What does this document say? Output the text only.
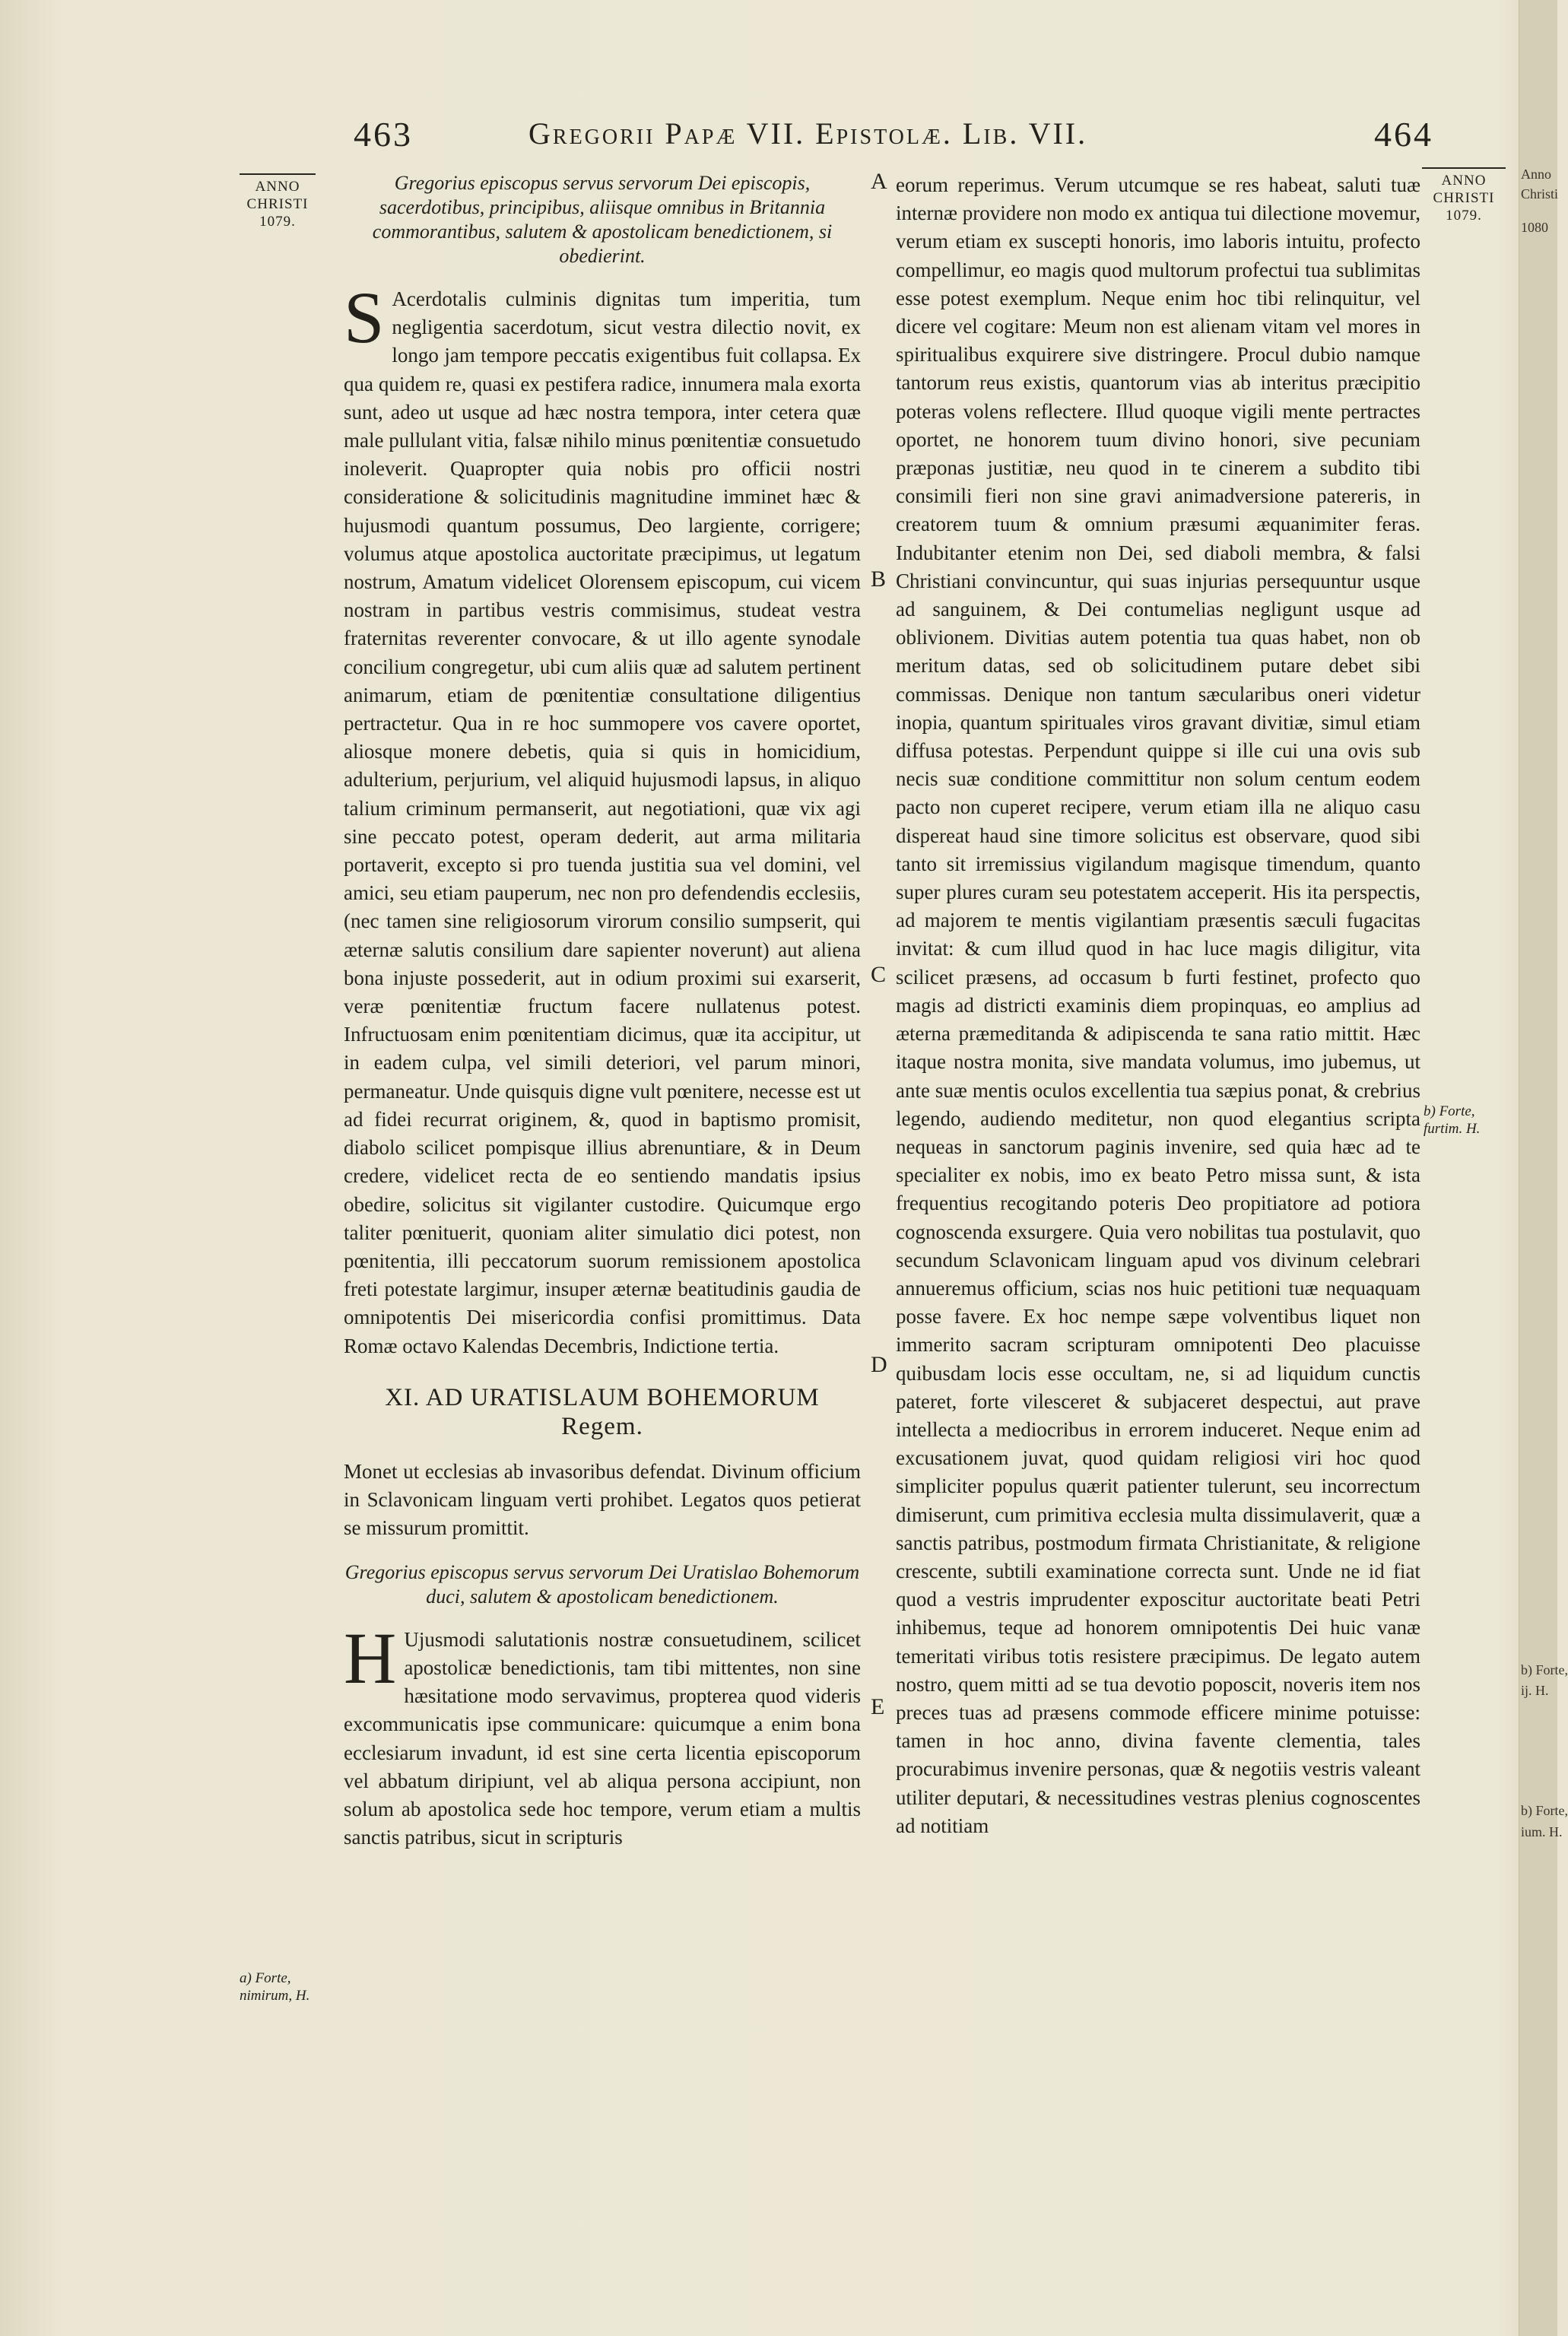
463	Gregorii Papæ VII. Epistolæ. Lib. VII.	464
ANNO
CHRISTI
1079.
ANNO
CHRISTI
1079.
Gregorius episcopus servus servorum Dei episcopis, sacerdotibus, principibus, aliisque omnibus in Britannia commorantibus, salutem & apostolicam benedictionem, si obedierint.

S Acerdotalis culminis dignitas tum imperitia, tum negligentia sacerdotum, sicut vestra dilectio novit, ex longo jam tempore peccatis exigentibus fuit collapsa. Ex qua quidem re, quasi ex pestifera radice, innumera mala exorta sunt, adeo ut usque ad hæc nostra tempora, inter cetera quæ male pullulant vitia, falsæ nihilo minus pœnitentiæ consuetudo inoleverit. Quapropter quia nobis pro officii nostri consideratione & solicitudinis magnitudine imminet hæc & hujusmodi quantum possumus, Deo largiente, corrigere; volumus atque apostolica auctoritate præcipimus, ut legatum nostrum, Amatum videlicet Olorensem episcopum, cui vicem nostram in partibus vestris commisimus, studeat vestra fraternitas reverenter convocare, & ut illo agente synodale concilium congregetur, ubi cum aliis quæ ad salutem pertinent animarum, etiam de pœnitentiæ consultatione diligentius pertractetur. Qua in re hoc summopere vos cavere oportet, aliosque monere debetis, quia si quis in homicidium, adulterium, perjurium, vel aliquid hujusmodi lapsus, in aliquo talium criminum permanserit, aut negotiationi, quæ vix agi sine peccato potest, operam dederit, aut arma militaria portaverit, excepto si pro tuenda justitia sua vel domini, vel amici, seu etiam pauperum, nec non pro defendendis ecclesiis, (nec tamen sine religiosorum virorum consilio sumpserit, qui æternæ salutis consilium dare sapienter noverunt) aut aliena bona injuste possederit, aut in odium proximi sui exarserit, veræ pœnitentiæ fructum facere nullatenus potest. Infructuosam enim pœnitentiam dicimus, quæ ita accipitur, ut in eadem culpa, vel simili deteriori, vel parum minori, permaneatur. Unde quisquis digne vult pœnitere, necesse est ut ad fidei recurrat originem, &, quod in baptismo promisit, diabolo scilicet pompisque illius abrenuntiare, & in Deum credere, videlicet recta de eo sentiendo mandatis ipsius obedire, solicitus sit vigilanter custodire. Quicumque ergo taliter pœnituerit, quoniam aliter simulatio dici potest, non pœnitentia, illi peccatorum suorum remissionem apostolica freti potestate largimur, insuper æternæ beatitudinis gaudia de omnipotentis Dei misericordia confisi promittimus. Data Romæ octavo Kalendas Decembris, Indictione tertia.

XI. AD URATISLAUM BOHEMORUM Regem.
Monet ut ecclesias ab invasoribus defendat. Divinum officium in Sclavonicam linguam verti prohibet. Legatos quos petierat se missurum promittit.
Gregorius episcopus servus servorum Dei Uratislao Bohemorum duci, salutem & apostolicam benedictionem.

H Ujusmodi salutationis nostræ consuetudinem, scilicet apostolicæ benedictionis, tam tibi mittentes, non sine hæsitatione modo servavimus, propterea quod videris excommunicatis ipse communicare: quicumque a enim bona ecclesiarum invadunt, id est sine certa licentia episcoporum vel abbatum diripiunt, vel ab aliqua persona accipiunt, non solum ab apostolica sede hoc tempore, verum etiam a multis sanctis patribus, sicut in scripturis

eorum reperimus. Verum utcumque se res habeat, saluti tuæ internæ providere non modo ex antiqua tui dilectione movemur, verum etiam ex suscepti honoris, imo laboris intuitu, profecto compellimur, eo magis quod multorum profectui tua sublimitas esse potest exemplum. Neque enim hoc tibi relinquitur, vel dicere vel cogitare: Meum non est alienam vitam vel mores in spiritualibus exquirere sive distringere. Procul dubio namque tantorum reus existis, quantorum vias ab interitus præcipitio poteras volens reflectere. Illud quoque vigili mente pertractes oportet, ne honorem tuum divino honori, sive pecuniam præponas justitiæ, neu quod in te cinerem a subdito tibi consimili fieri non sine gravi animadversione patereris, in creatorem tuum & omnium præsumi æquanimiter feras. Indubitanter etenim non Dei, sed diaboli membra, & falsi Christiani convincuntur, qui suas injurias persequuntur usque ad sanguinem, & Dei contumelias negligunt usque ad oblivionem. Divitias autem potentia tua quas habet, non ob meritum datas, sed ob solicitudinem putare debet sibi commissas. Denique non tantum sæcularibus oneri videtur inopia, quantum spirituales viros gravant divitiæ, simul etiam diffusa potestas. Perpendunt quippe si ille cui una ovis sub necis suæ conditione committitur non solum centum eodem pacto non cuperet recipere, verum etiam illa ne aliquo casu dispereat haud sine timore solicitus est observare, quod sibi tanto sit irremissius vigilandum magisque timendum, quanto super plures curam seu potestatem acceperit. His ita perspectis, ad majorem te mentis vigilantiam præsentis sæculi fugacitas invitat: & cum illud quod in hac luce magis diligitur, vita scilicet præsens, ad occasum b furti festinet, profecto quo magis ad districti examinis diem propinquas, eo amplius ad æterna præmeditanda & adipiscenda te sana ratio mittit. Hæc itaque nostra monita, sive mandata volumus, imo jubemus, ut ante suæ mentis oculos excellentia tua sæpius ponat, & crebrius legendo, audiendo meditetur, non quod elegantius scripta nequeas in sanctorum paginis invenire, sed quia hæc ad te specialiter ex nobis, imo ex beato Petro missa sunt, & ista frequentius recogitando poteris Deo propitiatore ad potiora cognoscenda exsurgere. Quia vero nobilitas tua postulavit, quo secundum Sclavonicam linguam apud vos divinum celebrari annueremus officium, scias nos huic petitioni tuæ nequaquam posse favere. Ex hoc nempe sæpe volventibus liquet non immerito sacram scripturam omnipotenti Deo placuisse quibusdam locis esse occultam, ne, si ad liquidum cunctis pateret, forte vilesceret & subjaceret despectui, aut prave intellecta a mediocribus in errorem induceret. Neque enim ad excusationem juvat, quod quidam religiosi viri hoc quod simpliciter populus quærit patienter tulerunt, seu incorrectum dimiserunt, cum primitiva ecclesia multa dissimulaverit, quæ a sanctis patribus, postmodum firmata Christianitate, & religione crescente, subtili examinatione correcta sunt. Unde ne id fiat quod a vestris imprudenter exposcitur auctoritate beati Petri inhibemus, teque ad honorem omnipotentis Dei huic vanæ temeritati viribus totis resistere præcipimus. De legato autem nostro, quem mitti ad se tua devotio poposcit, noveris item nos preces tuas ad præsens commode efficere minime potuisse: tamen in hoc anno, divina favente clementia, tales procurabimus invenire personas, quæ & negotiis vestris valeant utiliter deputari, & necessitudines vestras plenius cognoscentes ad notitiam

A
B
C
D
E
a) Forte, nimirum, H.
b) Forte, furtim. H.
Anno
Christi
1080
b) Forte,
ij. H.
b) Forte,
ium. H.
